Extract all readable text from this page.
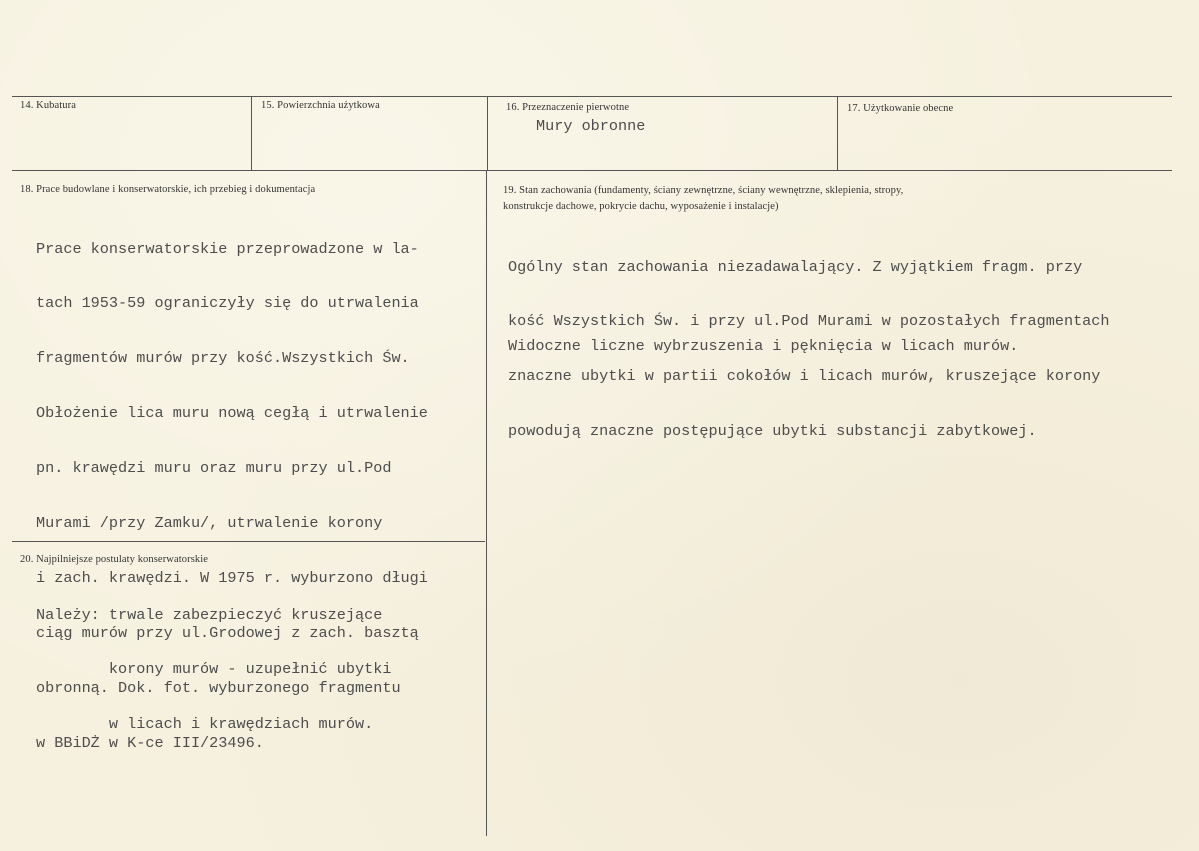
14. Kubatura	15. Powierzchnia użytkowa	16. Przeznaczenie pierwotne
Mury obronne
17. Użytkowanie obecne
18. Prace budowlane i konserwatorskie, ich przebieg i dokumentacja

Prace konserwatorskie przeprowadzone w la-

tach 1953-59 ograniczyły się do utrwalenia

fragmentów murów przy kość.Wszystkich Św.

Obłożenie lica muru nową cegłą i utrwalenie

pn. krawędzi muru oraz muru przy ul.Pod

Murami /przy Zamku/, utrwalenie korony

i zach. krawędzi. W 1975 r. wyburzono długi

ciąg murów przy ul.Grodowej z zach. basztą

obronną. Dok. fot. wyburzonego fragmentu

w BBiDŻ w K-ce III/23496.

19. Stan zachowania (fundamenty, ściany zewnętrzne, ściany wewnętrzne, sklepienia, stropy,
konstrukcje dachowe, pokrycie dachu, wyposażenie i instalacje)

Ogólny stan zachowania niezadawalający. Z wyjątkiem fragm. przy

kość Wszystkich Św. i przy ul.Pod Murami w pozostałych fragmentach

znaczne ubytki w partii cokołów i licach murów, kruszejące korony

powodują znaczne postępujące ubytki substancji zabytkowej.

Widoczne liczne wybrzuszenia i pęknięcia w licach murów.

20. Najpilniejsze postulaty konserwatorskie

Należy: trwale zabezpieczyć kruszejące

korony murów - uzupełnić ubytki

w licach i krawędziach murów.
